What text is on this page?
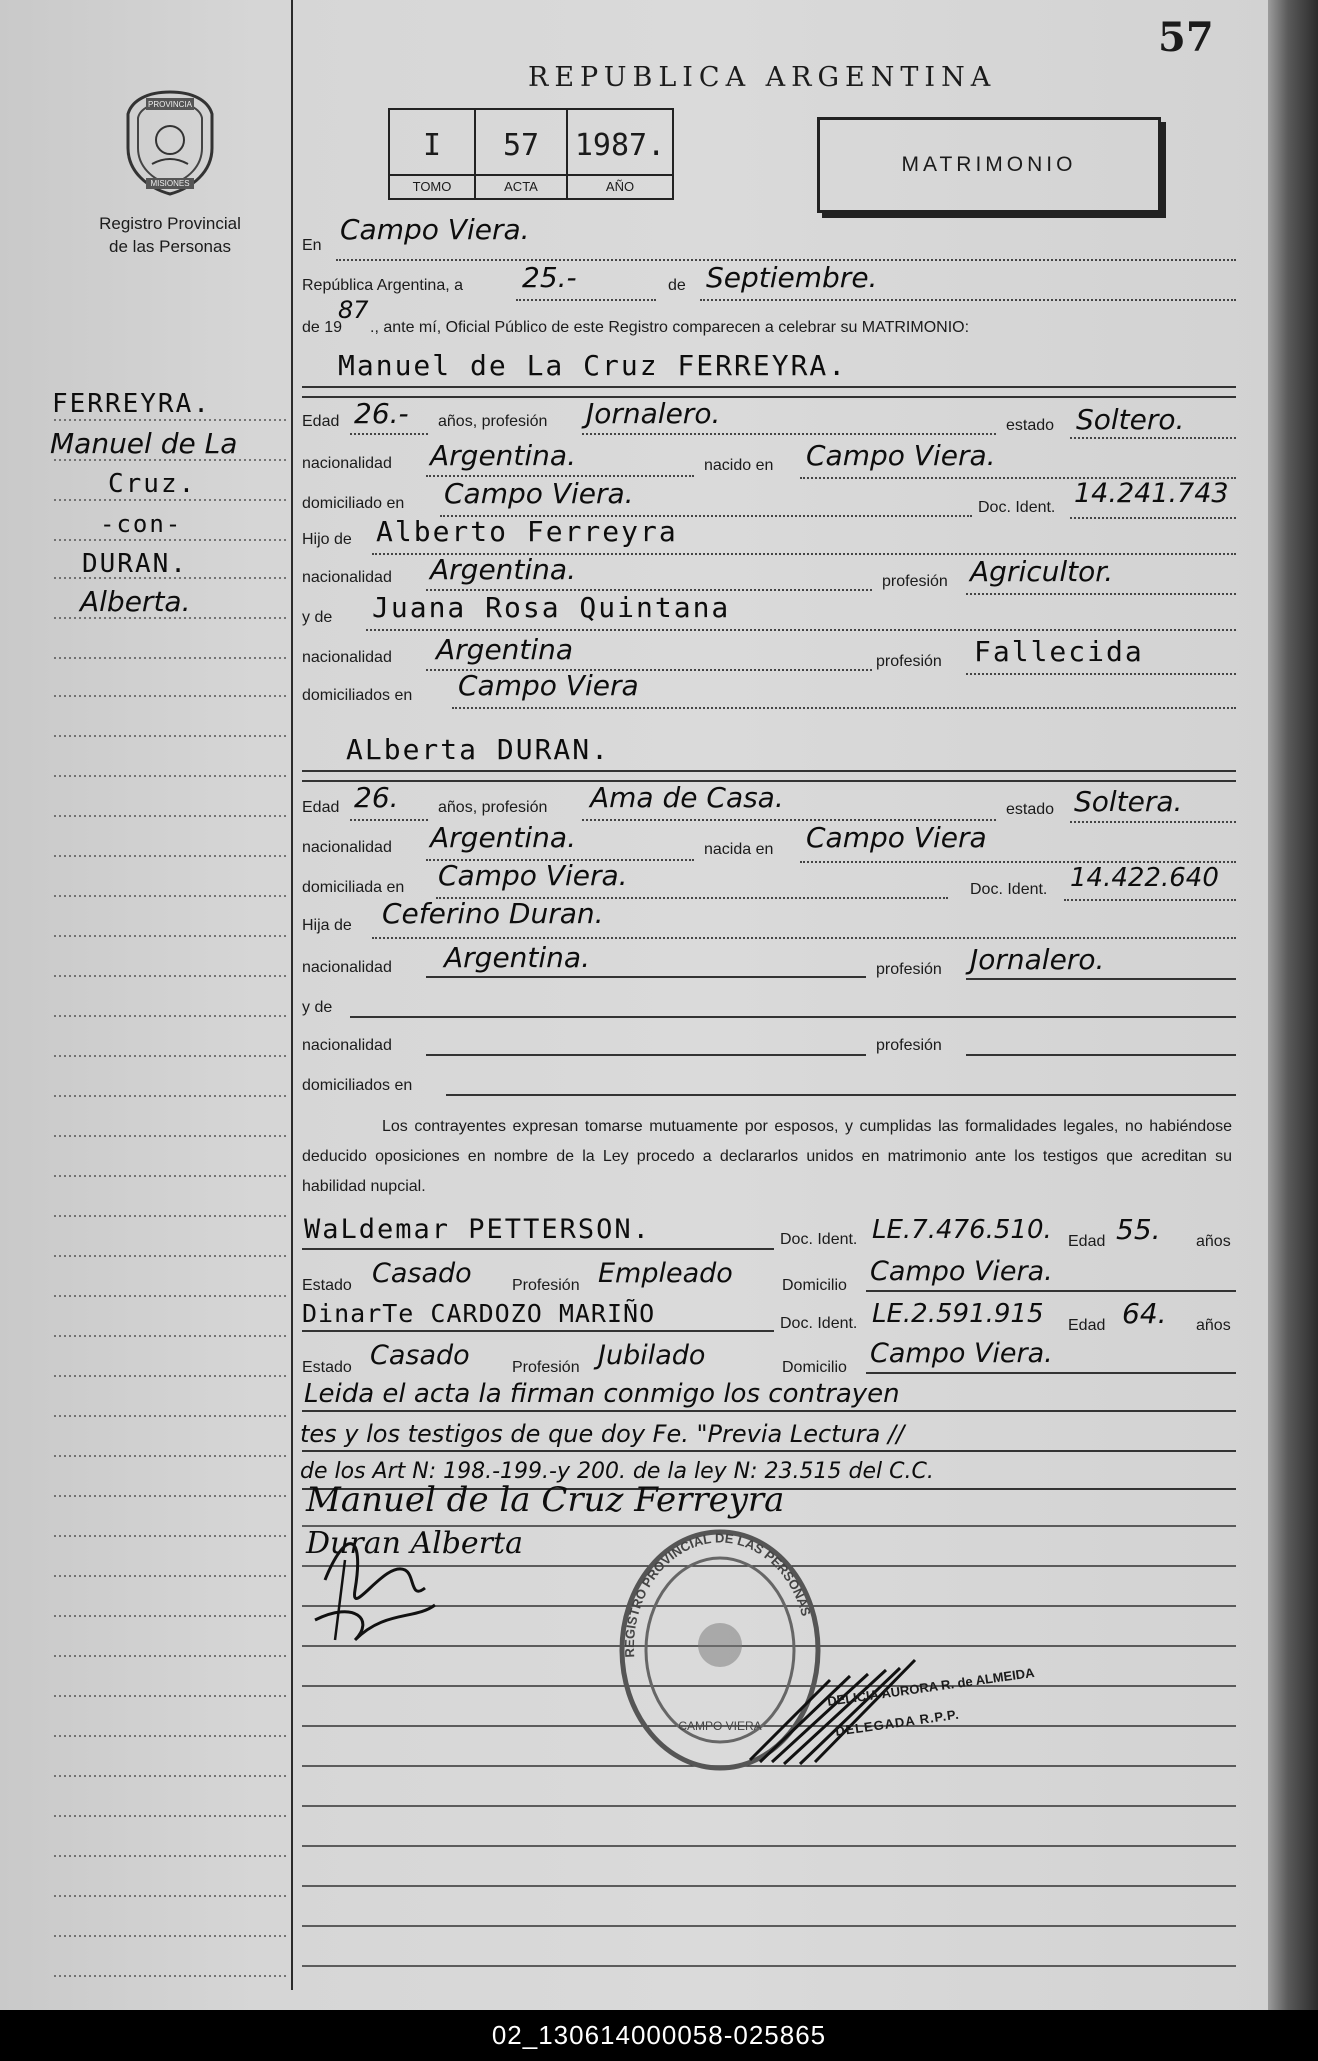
57
REPUBLICA ARGENTINA
PROVINCIA
MISIONES
Registro Provincial
de las Personas
I
TOMO
57
ACTA
1987.
AÑO
MATRIMONIO
FERREYRA.
Manuel de La
Cruz.
-con-
DURAN.
Alberta.
En Campo Viera.
República Argentina, a 25.-	de Septiembre.
de 19
87
., ante mí, Oficial Público de este Registro comparecen a celebrar su MATRIMONIO:
Manuel de La Cruz FERREYRA.
Edad 26.- años, profesión Jornalero.	estado Soltero.
nacionalidad Argentina.	nacido en Campo Viera.
domiciliado en Campo Viera.	Doc. Ident. 14.241.743
Hijo de Alberto Ferreyra
nacionalidad Argentina.	profesión Agricultor.
y de Juana Rosa Quintana
nacionalidad Argentina	profesión Fallecida
domiciliados en Campo Viera
ALberta DURAN.
Edad 26. años, profesión Ama de Casa.	estado Soltera.
nacionalidad Argentina.	nacida en Campo Viera
domiciliada en Campo Viera.	Doc. Ident. 14.422.640
Hija de Ceferino Duran.
nacionalidad Argentina.	profesión Jornalero.
y de
nacionalidad	profesión
domiciliados en
Los contrayentes expresan tomarse mutuamente por esposos, y cumplidas las formalidades legales, no habiéndose deducido oposiciones en nombre de la Ley procedo a declararlos unidos en matrimonio ante los testigos que acreditan su habilidad nupcial.
WaLdemar PETTERSON.	Doc. Ident. LE.7.476.510. Edad 55. años
Estado Casado	Profesión Empleado	Domicilio Campo Viera.
DinarTe CARDOZO MARIÑO	Doc. Ident. LE.2.591.915 Edad 64. años
Estado Casado	Profesión Jubilado	Domicilio Campo Viera.
Leida el acta la firman conmigo los contrayen
tes y los testigos de que doy Fe. "Previa Lectura //
de los Art N: 198.-199.-y 200. de la ley N: 23.515 del C.C.
Manuel de la Cruz Ferreyra
Duran Alberta
REGISTRO PROVINCIAL DE LAS PERSONAS
CAMPO VIERA
DELICIA AURORA R. de ALMEIDA
DELEGADA R.P.P.
02_130614000058-025865
